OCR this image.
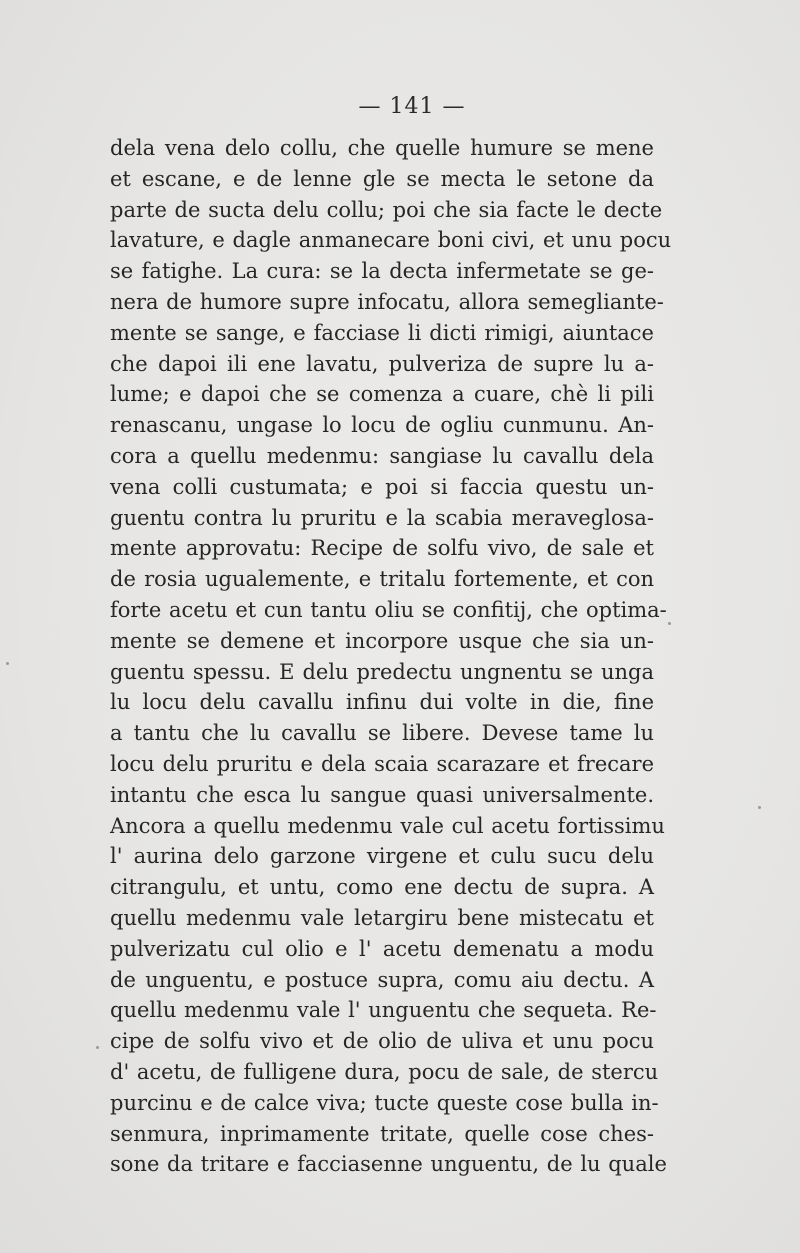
— 141 —
dela vena delo collu, che quelle humure se mene
et escane, e de lenne gle se mecta le setone da
parte de sucta delu collu; poi che sia facte le decte
lavature, e dagle anmanecare boni civi, et unu pocu
se fatighe. La cura: se la decta infermetate se ge-
nera de humore supre infocatu, allora semegliante-
mente se sange, e facciase li dicti rimigi, aiuntace
che dapoi ili ene lavatu, pulveriza de supre lu a-
lume; e dapoi che se comenza a cuare, chè li pili
renascanu, ungase lo locu de ogliu cunmunu. An-
cora a quellu medenmu: sangiase lu cavallu dela
vena colli custumata; e poi si faccia questu un-
guentu contra lu pruritu e la scabia meraveglosa-
mente approvatu: Recipe de solfu vivo, de sale et
de rosia ugualemente, e tritalu fortemente, et con
forte acetu et cun tantu oliu se confitij, che optima-
mente se demene et incorpore usque che sia un-
guentu spessu. E delu predectu ungnentu se unga
lu locu delu cavallu infinu dui volte in die, fine
a tantu che lu cavallu se libere. Devese tame lu
locu delu pruritu e dela scaia scarazare et frecare
intantu che esca lu sangue quasi universalmente.
Ancora a quellu medenmu vale cul acetu fortissimu
l' aurina delo garzone virgene et culu sucu delu
citrangulu, et untu, como ene dectu de supra. A
quellu medenmu vale letargiru bene mistecatu et
pulverizatu cul olio e l' acetu demenatu a modu
de unguentu, e postuce supra, comu aiu dectu. A
quellu medenmu vale l' unguentu che sequeta. Re-
cipe de solfu vivo et de olio de uliva et unu pocu
d' acetu, de fulligene dura, pocu de sale, de stercu
purcinu e de calce viva; tucte queste cose bulla in-
senmura, inprimamente tritate, quelle cose ches-
sone da tritare e facciasenne unguentu, de lu quale
